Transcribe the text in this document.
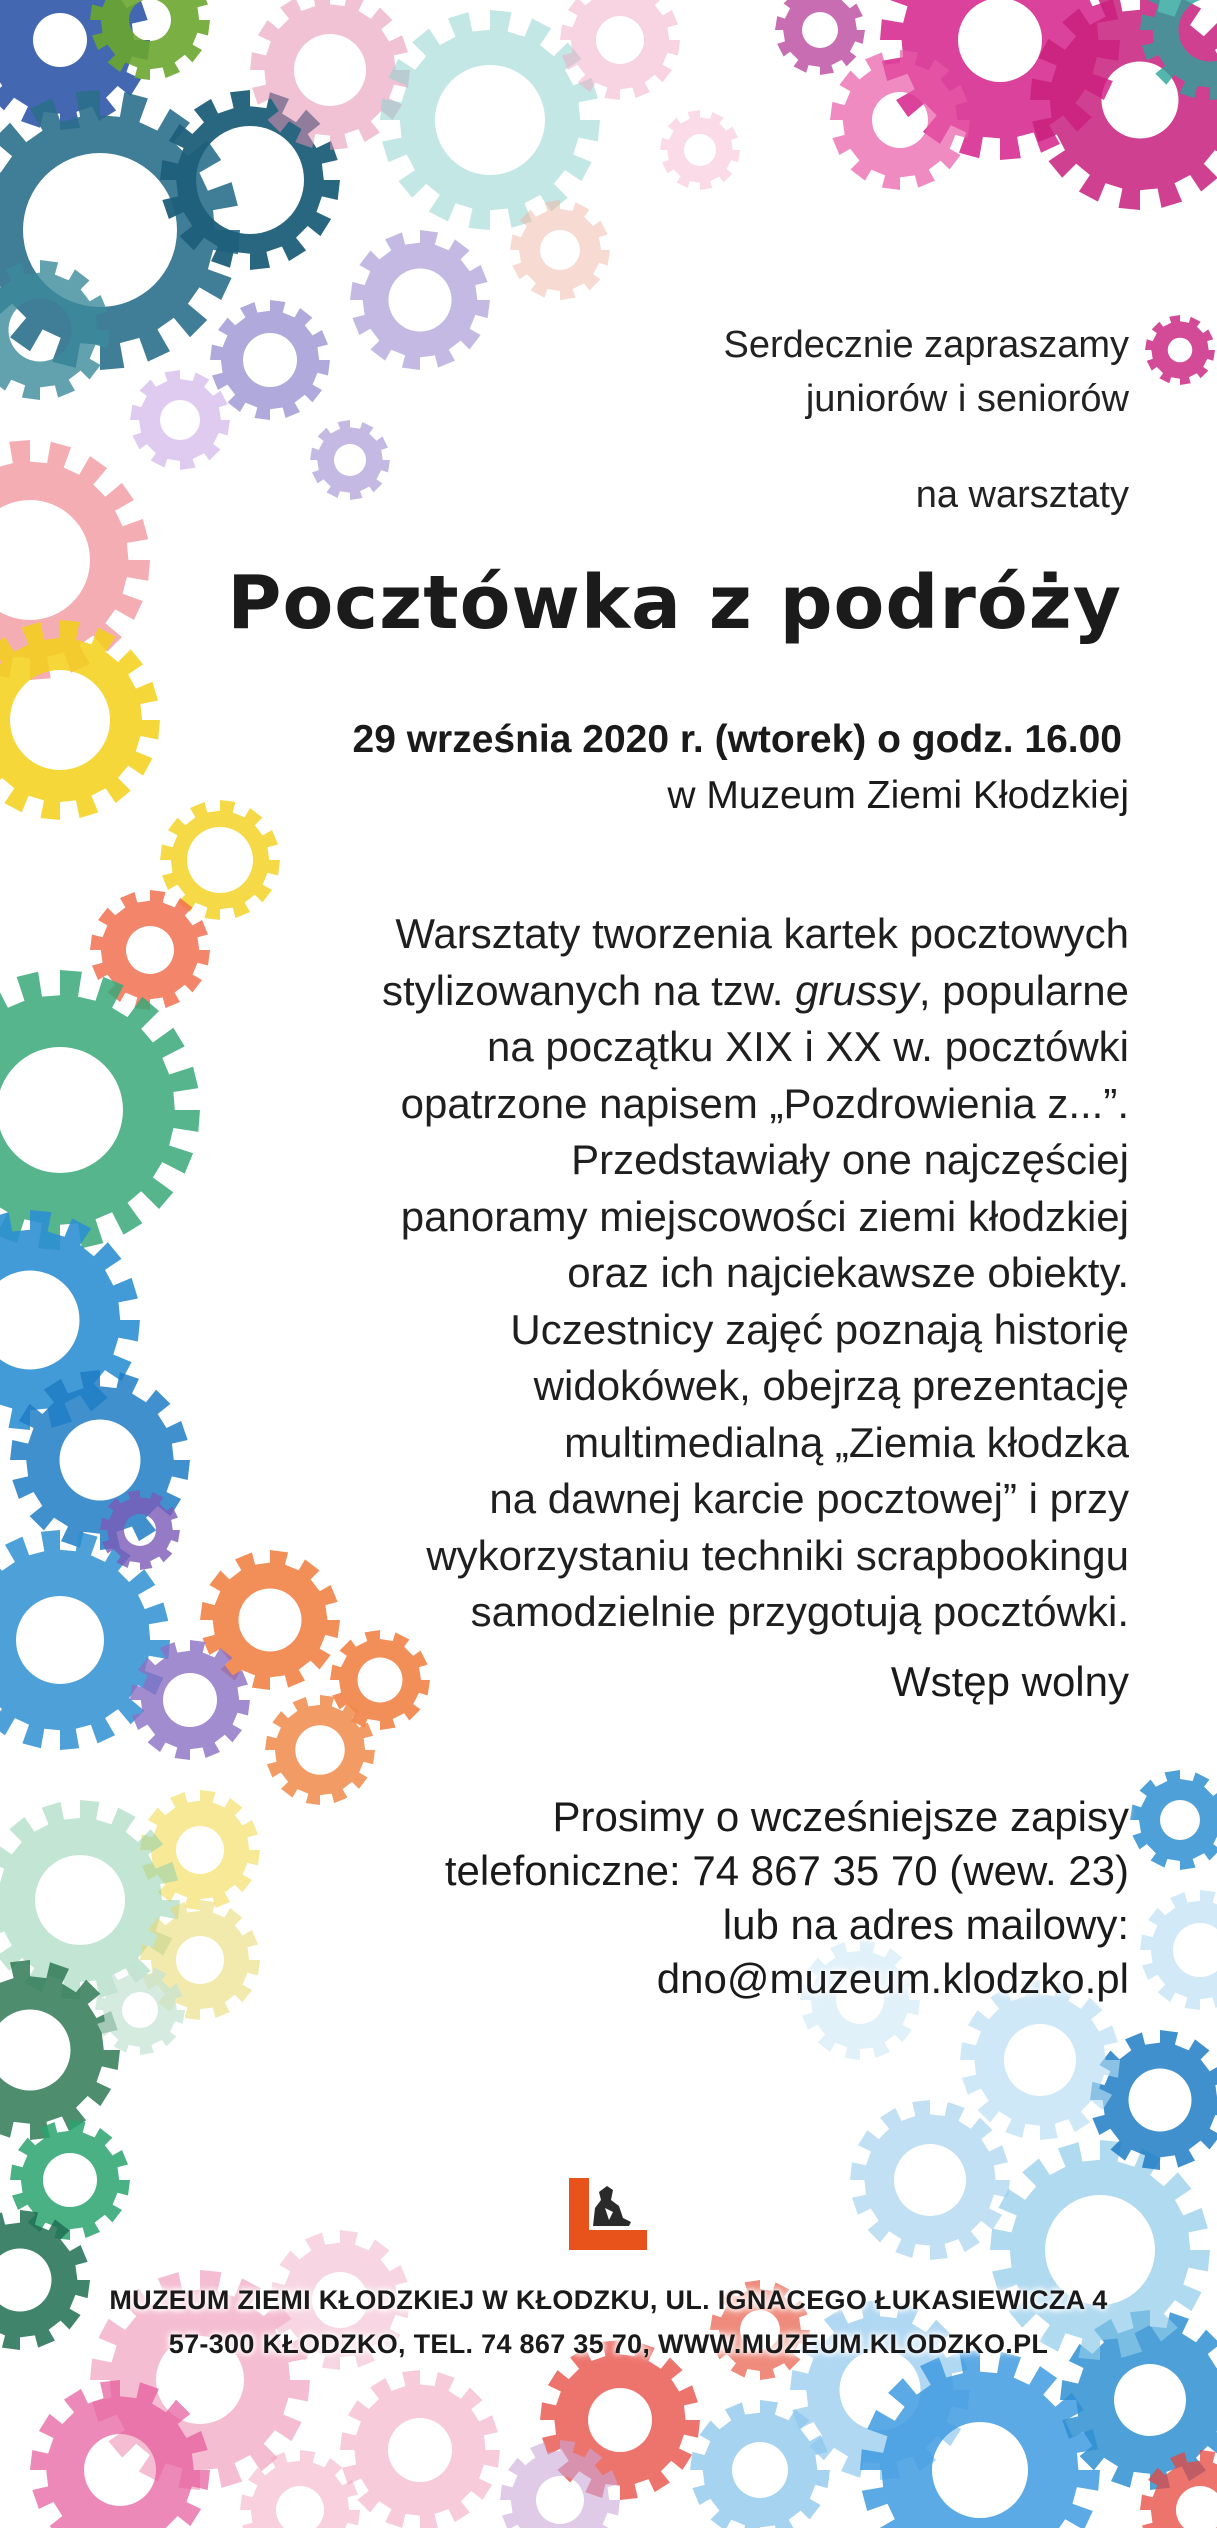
Serdecznie zapraszamy
juniorów i seniorów
na warsztaty
Pocztówka z podróży
29 września 2020 r. (wtorek) o godz. 16.00
w Muzeum Ziemi Kłodzkiej
Warsztaty tworzenia kartek pocztowych
stylizowanych na tzw. grussy, popularne
na początku XIX i XX w. pocztówki
opatrzone napisem „Pozdrowienia z...”.
Przedstawiały one najczęściej
panoramy miejscowości ziemi kłodzkiej
oraz ich najciekawsze obiekty.
Uczestnicy zajęć poznają historię
widokówek, obejrzą prezentację
multimedialną „Ziemia kłodzka
na dawnej karcie pocztowej” i przy
wykorzystaniu techniki scrapbookingu
samodzielnie przygotują pocztówki.
Wstęp wolny
Prosimy o wcześniejsze zapisy
telefoniczne: 74 867 35 70 (wew. 23)
lub na adres mailowy:
dno@muzeum.klodzko.pl
MUZEUM ZIEMI KŁODZKIEJ W KŁODZKU, UL. IGNACEGO ŁUKASIEWICZA 4
57-300 KŁODZKO, TEL. 74 867 35 70, WWW.MUZEUM.KLODZKO.PL
